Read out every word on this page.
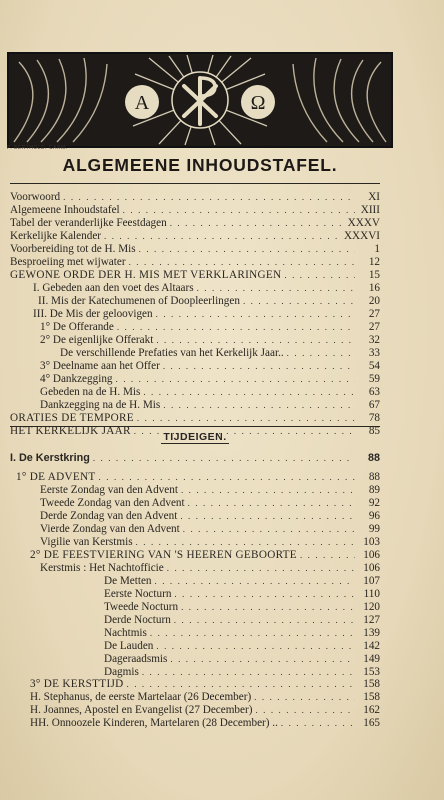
A	Ω
P. BERTHOLD. CARM.
ALGEMEENE INHOUDSTAFEL.
Voorwoord . . .	XI
Algemeene Inhoudstafel . . .	XIII
Tabel der veranderlijke Feestdagen . . .	XXXV
Kerkelijke Kalender . . .	XXXVI
Voorbereiding tot de H. Mis . . .	1
Besproeiing met wijwater . . .	12
GEWONE ORDE DER H. MIS MET VERKLARINGEN . . .	15
I. Gebeden aan den voet des Altaars . . .	16
II. Mis der Katechumenen of Doopleerlingen . . .	20
III. De Mis der geloovigen . . .	27
1° De Offerande . . .	27
2° De eigenlijke Offerakt . . .	32
De verschillende Prefaties van het Kerkelijk Jaar.. . . .	33
3° Deelname aan het Offer . . .	54
4° Dankzegging . . .	59
Gebeden na de H. Mis . . .	63
Dankzegging na de H. Mis . . .	67
ORATIES DE TEMPORE . . .	78
HET KERKELIJK JAAR . . .	85
I. De Kerstkring . . .	88
1° DE ADVENT . . .	88
Eerste Zondag van den Advent . . .	89
Tweede Zondag van den Advent . . .	92
Derde Zondag van den Advent . . .	96
Vierde Zondag van den Advent . . .	99
Vigilie van Kerstmis . . .	103
2° DE FEESTVIERING VAN 'S HEEREN GEBOORTE . . .	106
Kerstmis : Het Nachtofficie . . .	106
De Metten . . .	107
Eerste Nocturn . . .	110
Tweede Nocturn . . .	120
Derde Nocturn . . .	127
Nachtmis . . .	139
De Lauden . . .	142
Dageraadsmis . . .	149
Dagmis . . .	153
3° DE KERSTTIJD . . .	158
H. Stephanus, de eerste Martelaar (26 December) . . .	158
H. Joannes, Apostel en Evangelist (27 December) . . .	162
HH. Onnoozele Kinderen, Martelaren (28 December) .. . . .	165
TIJDEIGEN.
